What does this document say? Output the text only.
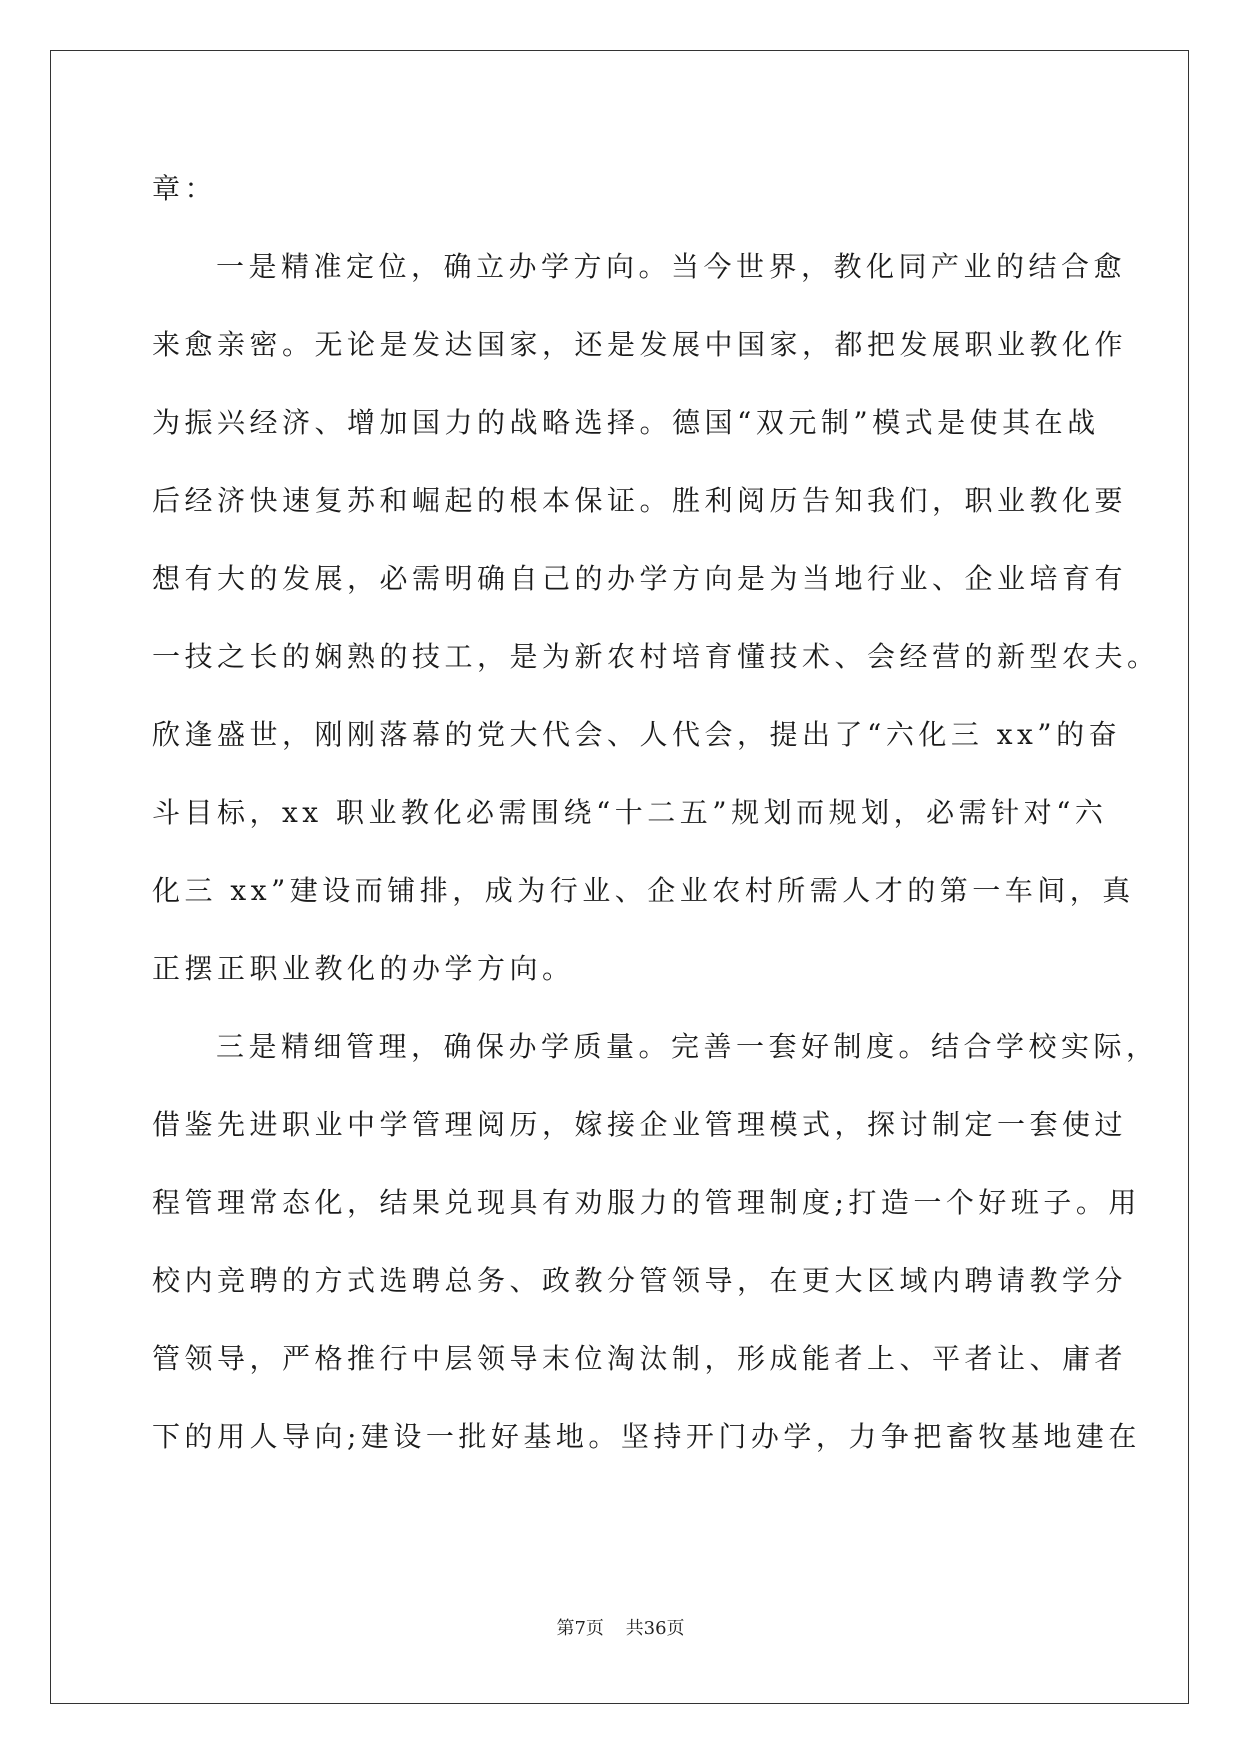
章：
一是精准定位，确立办学方向。当今世界，教化同产业的结合愈
来愈亲密。无论是发达国家，还是发展中国家，都把发展职业教化作
为振兴经济、增加国力的战略选择。德国“双元制”模式是使其在战
后经济快速复苏和崛起的根本保证。胜利阅历告知我们，职业教化要
想有大的发展，必需明确自己的办学方向是为当地行业、企业培育有
一技之长的娴熟的技工，是为新农村培育懂技术、会经营的新型农夫。
欣逢盛世，刚刚落幕的党大代会、人代会，提出了“六化三 xx”的奋
斗目标，xx 职业教化必需围绕“十二五”规划而规划，必需针对“六
化三 xx”建设而铺排，成为行业、企业农村所需人才的第一车间，真
正摆正职业教化的办学方向。
三是精细管理，确保办学质量。完善一套好制度。结合学校实际，
借鉴先进职业中学管理阅历，嫁接企业管理模式，探讨制定一套使过
程管理常态化，结果兑现具有劝服力的管理制度;打造一个好班子。用
校内竞聘的方式选聘总务、政教分管领导，在更大区域内聘请教学分
管领导，严格推行中层领导末位淘汰制，形成能者上、平者让、庸者
下的用人导向;建设一批好基地。坚持开门办学，力争把畜牧基地建在
第7页 共36页
